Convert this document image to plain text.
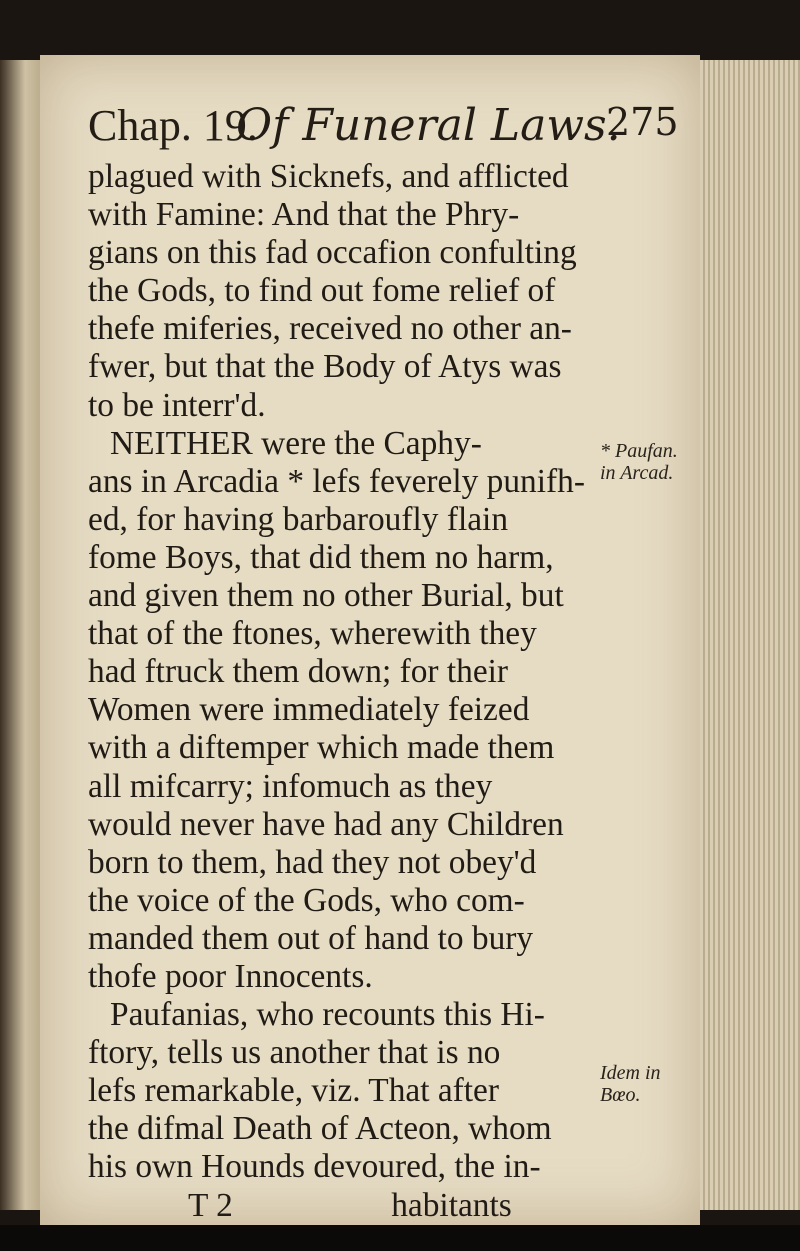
Chap. 19.
Of Funeral Laws.
275
plagued with Sicknefs, and afflicted
with Famine: And that the Phry-
gians on this fad occafion confulting
the Gods, to find out fome relief of
thefe miferies, received no other an-
fwer, but that the Body of Atys was
to be interr'd.
NEITHER were the Caphy-
ans in Arcadia * lefs feverely punifh-
ed, for having barbaroufly flain
fome Boys, that did them no harm,
and given them no other Burial, but
that of the ftones, wherewith they
had ftruck them down; for their
Women were immediately feized
with a diftemper which made them
all mifcarry; infomuch as they
would never have had any Children
born to them, had they not obey'd
the voice of the Gods, who com-
manded them out of hand to bury
thofe poor Innocents.
Paufanias, who recounts this Hi-
ftory, tells us another that is no
lefs remarkable, viz. That after
the difmal Death of Acteon, whom
his own Hounds devoured, the in-
T 2	habitants
* Paufan. in Arcad.
Idem in Bœo.
